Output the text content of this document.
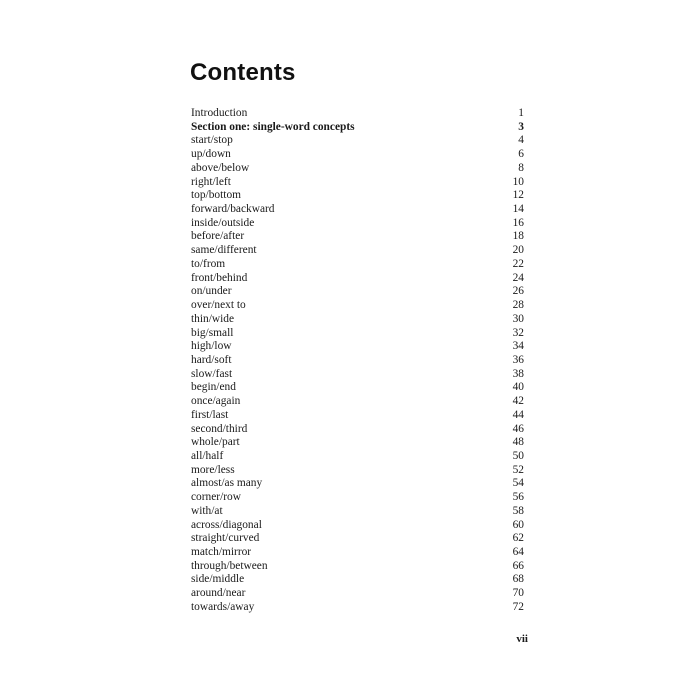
Contents
Introduction	1
Section one: single-word concepts	3
start/stop	4
up/down	6
above/below	8
right/left	10
top/bottom	12
forward/backward	14
inside/outside	16
before/after	18
same/different	20
to/from	22
front/behind	24
on/under	26
over/next to	28
thin/wide	30
big/small	32
high/low	34
hard/soft	36
slow/fast	38
begin/end	40
once/again	42
first/last	44
second/third	46
whole/part	48
all/half	50
more/less	52
almost/as many	54
corner/row	56
with/at	58
across/diagonal	60
straight/curved	62
match/mirror	64
through/between	66
side/middle	68
around/near	70
towards/away	72
vii
